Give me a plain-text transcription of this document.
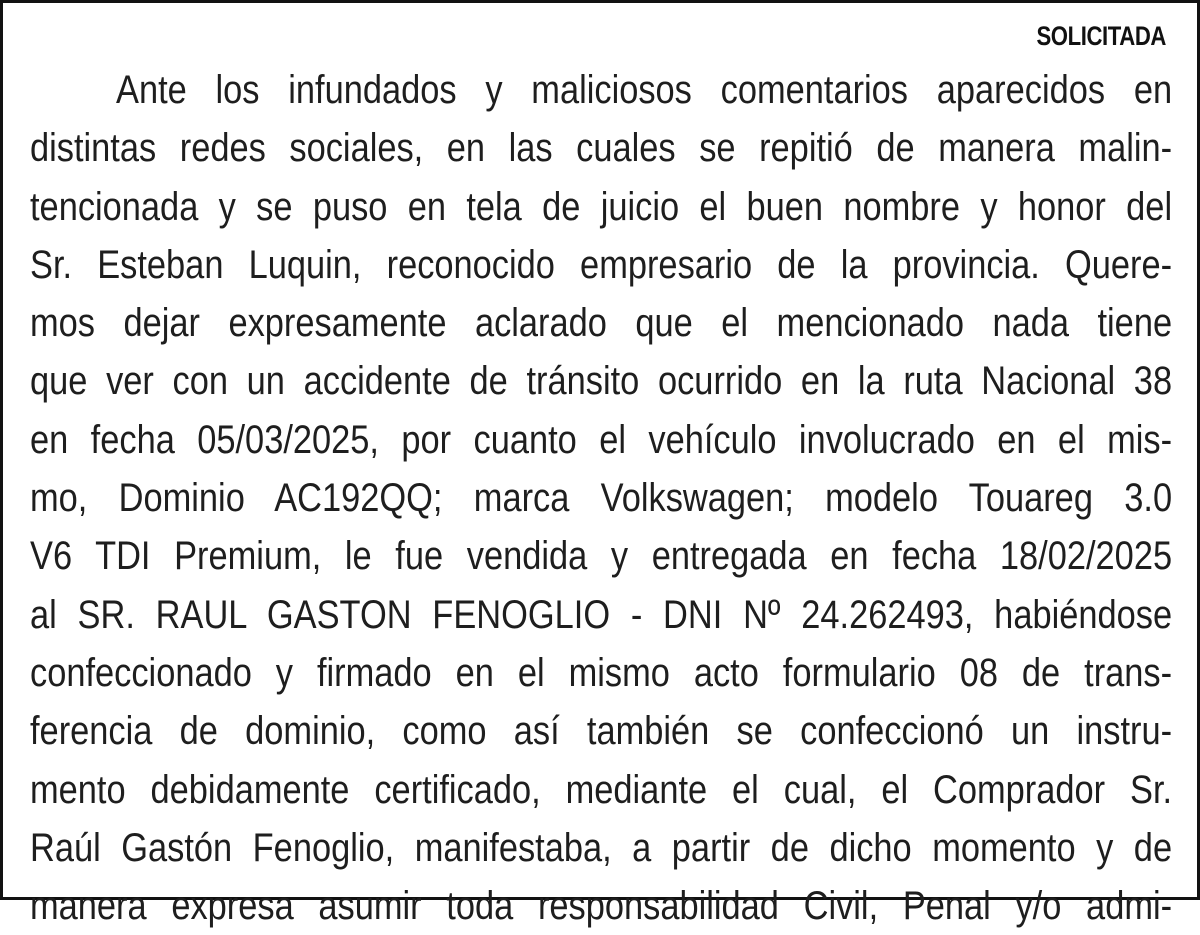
SOLICITADA
Ante los infundados y maliciosos comentarios aparecidos en
distintas redes sociales, en las cuales se repitió de manera malin-
tencionada y se puso en tela de juicio el buen nombre y honor del
Sr. Esteban Luquin, reconocido empresario de la provincia. Quere-
mos dejar expresamente aclarado que el mencionado nada tiene
que ver con un accidente de tránsito ocurrido en la ruta Nacional 38
en fecha 05/03/2025, por cuanto el vehículo involucrado en el mis-
mo, Dominio AC192QQ; marca Volkswagen; modelo Touareg 3.0
V6 TDI Premium, le fue vendida y entregada en fecha 18/02/2025
al SR. RAUL GASTON FENOGLIO - DNI Nº 24.262493, habiéndose
confeccionado y firmado en el mismo acto formulario 08 de trans-
ferencia de dominio, como así también se confeccionó un instru-
mento debidamente certificado, mediante el cual, el Comprador Sr.
Raúl Gastón Fenoglio, manifestaba, a partir de dicho momento y de
manera expresa asumir toda responsabilidad Civil, Penal y/o admi-
